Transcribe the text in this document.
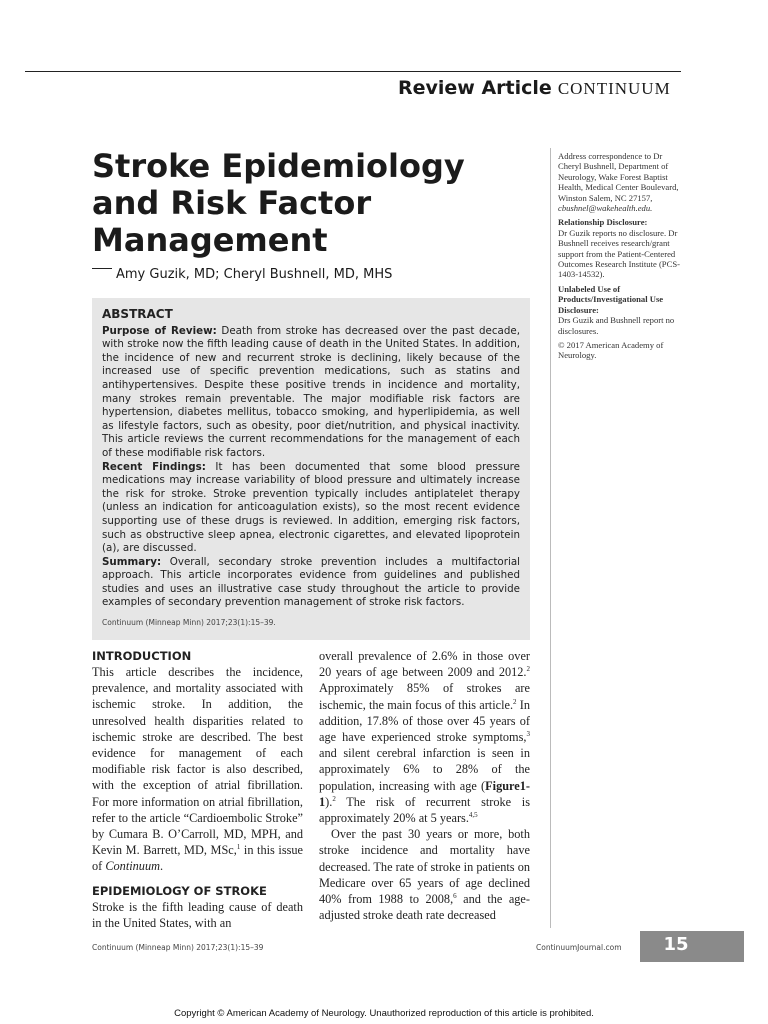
Review Article CONTINUUM
Stroke Epidemiology and Risk Factor Management
Amy Guzik, MD; Cheryl Bushnell, MD, MHS
ABSTRACT

Purpose of Review: Death from stroke has decreased over the past decade, with stroke now the fifth leading cause of death in the United States. In addition, the incidence of new and recurrent stroke is declining, likely because of the increased use of specific prevention medications, such as statins and antihypertensives. Despite these positive trends in incidence and mortality, many strokes remain preventable. The major modifiable risk factors are hypertension, diabetes mellitus, tobacco smoking, and hyperlipidemia, as well as lifestyle factors, such as obesity, poor diet/nutrition, and physical inactivity. This article reviews the current recommendations for the management of each of these modifiable risk factors.

Recent Findings: It has been documented that some blood pressure medications may increase variability of blood pressure and ultimately increase the risk for stroke. Stroke prevention typically includes antiplatelet therapy (unless an indication for anticoagulation exists), so the most recent evidence supporting use of these drugs is reviewed. In addition, emerging risk factors, such as obstructive sleep apnea, electronic cigarettes, and elevated lipoprotein (a), are discussed.

Summary: Overall, secondary stroke prevention includes a multifactorial approach. This article incorporates evidence from guidelines and published studies and uses an illustrative case study throughout the article to provide examples of secondary prevention management of stroke risk factors.

Continuum (Minneap Minn) 2017;23(1):15–39.

Address correspondence to Dr Cheryl Bushnell, Department of Neurology, Wake Forest Baptist Health, Medical Center Boulevard, Winston Salem, NC 27157, cbushnel@wakehealth.edu.

Relationship Disclosure:
Dr Guzik reports no disclosure. Dr Bushnell receives research/grant support from the Patient-Centered Outcomes Research Institute (PCS-1403-14532).

Unlabeled Use of Products/Investigational Use Disclosure:
Drs Guzik and Bushnell report no disclosures.

© 2017 American Academy of Neurology.

INTRODUCTION

This article describes the incidence, prevalence, and mortality associated with ischemic stroke. In addition, the unresolved health disparities related to ischemic stroke are described. The best evidence for management of each modifiable risk factor is also described, with the exception of atrial fibrillation. For more information on atrial fibrillation, refer to the article “Cardioembolic Stroke” by Cumara B. O’Carroll, MD, MPH, and Kevin M. Barrett, MD, MSc,$^1$ in this issue of Continuum.

EPIDEMIOLOGY OF STROKE

Stroke is the fifth leading cause of death in the United States, with an

overall prevalence of 2.6% in those over 20 years of age between 2009 and 2012.$^2$ Approximately 85% of strokes are ischemic, the main focus of this article.$^2$ In addition, 17.8% of those over 45 years of age have experienced stroke symptoms,$^3$ and silent cerebral infarction is seen in approximately 6% to 28% of the population, increasing with age (Figure1-1).$^2$ The risk of recurrent stroke is approximately 20% at 5 years.$^{4,5}$

Over the past 30 years or more, both stroke incidence and mortality have decreased. The rate of stroke in patients on Medicare over 65 years of age declined 40% from 1988 to 2008,$^6$ and the age-adjusted stroke death rate decreased

Continuum (Minneap Minn) 2017;23(1):15–39	ContinuumJournal.com	15
Copyright © American Academy of Neurology. Unauthorized reproduction of this article is prohibited.
